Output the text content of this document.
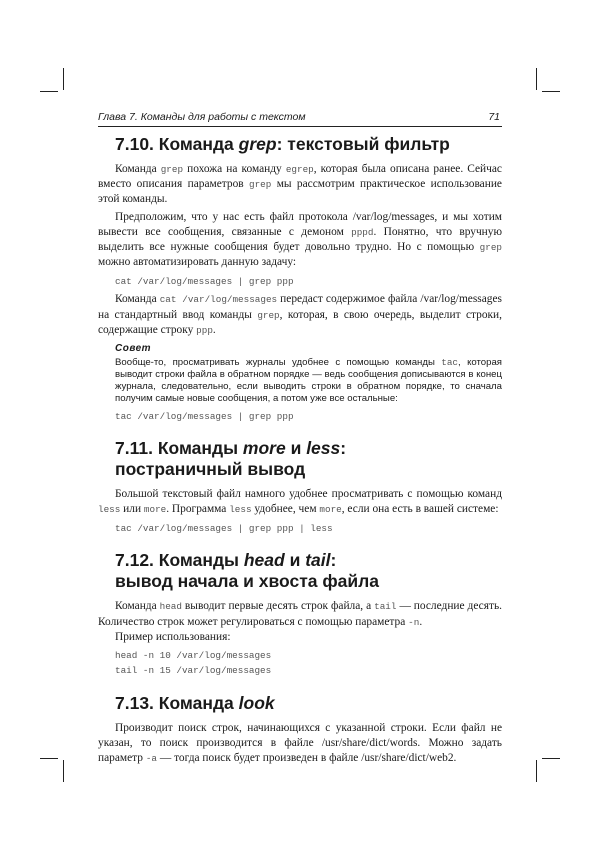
Глава 7. Команды для работы с текстом	71
7.10. Команда grep: текстовый фильтр

Команда grep похожа на команду egrep, которая была описана ранее. Сейчас вместо описания параметров grep мы рассмотрим практическое использование этой команды.

Предположим, что у нас есть файл протокола /var/log/messages, и мы хотим вывести все сообщения, связанные с демоном pppd. Понятно, что вручную выделить все нужные сообщения будет довольно трудно. Но с помощью grep можно автоматизировать данную задачу:

cat /var/log/messages | grep ppp

Команда cat /var/log/messages передаст содержимое файла /var/log/messages на стандартный ввод команды grep, которая, в свою очередь, выделит строки, содержащие строку ppp.

Совет

Вообще-то, просматривать журналы удобнее с помощью команды tac, которая выводит строки файла в обратном порядке — ведь сообщения дописываются в конец журнала, следовательно, если выводить строки в обратном порядке, то сначала получим самые новые сообщения, а потом уже все остальные:

tac /var/log/messages | grep ppp
7.11. Команды more и less:
постраничный вывод

Большой текстовый файл намного удобнее просматривать с помощью команд less или more. Программа less удобнее, чем more, если она есть в вашей системе:

tac /var/log/messages | grep ppp | less
7.12. Команды head и tail:
вывод начала и хвоста файла

Команда head выводит первые десять строк файла, а tail — последние десять. Количество строк может регулироваться с помощью параметра -n.

Пример использования:

head -n 10 /var/log/messages
tail -n 15 /var/log/messages
7.13. Команда look

Производит поиск строк, начинающихся с указанной строки. Если файл не указан, то поиск производится в файле /usr/share/dict/words. Можно задать параметр -a — тогда поиск будет произведен в файле /usr/share/dict/web2.
